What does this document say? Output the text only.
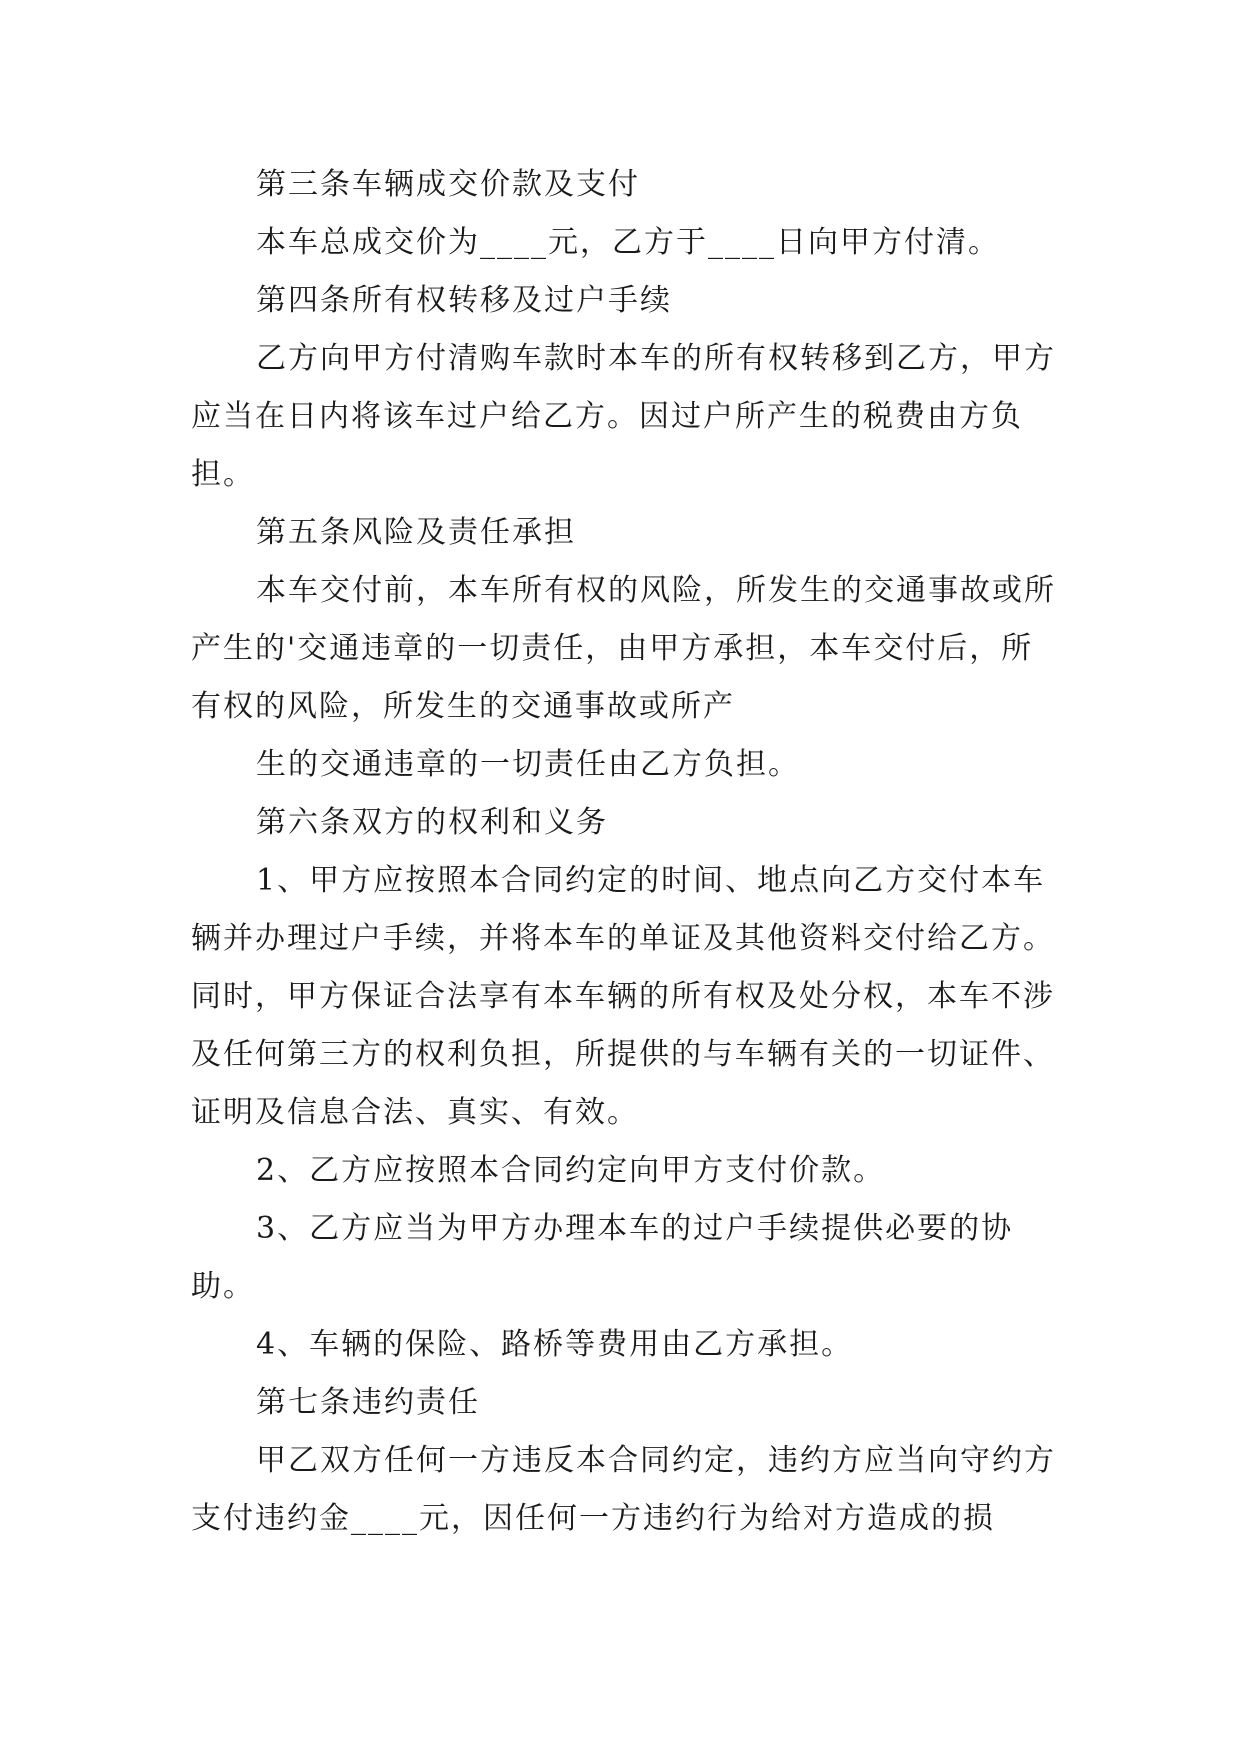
第三条车辆成交价款及支付

本车总成交价为____元，乙方于____日向甲方付清。

第四条所有权转移及过户手续

乙方向甲方付清购车款时本车的所有权转移到乙方，甲方应当在日内将该车过户给乙方。因过户所产生的税费由方负担。

第五条风险及责任承担

本车交付前，本车所有权的风险，所发生的交通事故或所产生的'交通违章的一切责任，由甲方承担，本车交付后，所有权的风险，所发生的交通事故或所产

生的交通违章的一切责任由乙方负担。

第六条双方的权利和义务

1、甲方应按照本合同约定的时间、地点向乙方交付本车辆并办理过户手续，并将本车的单证及其他资料交付给乙方。同时，甲方保证合法享有本车辆的所有权及处分权，本车不涉及任何第三方的权利负担，所提供的与车辆有关的一切证件、证明及信息合法、真实、有效。

2、乙方应按照本合同约定向甲方支付价款。

3、乙方应当为甲方办理本车的过户手续提供必要的协助。

4、车辆的保险、路桥等费用由乙方承担。

第七条违约责任

甲乙双方任何一方违反本合同约定，违约方应当向守约方支付违约金____元，因任何一方违约行为给对方造成的损
